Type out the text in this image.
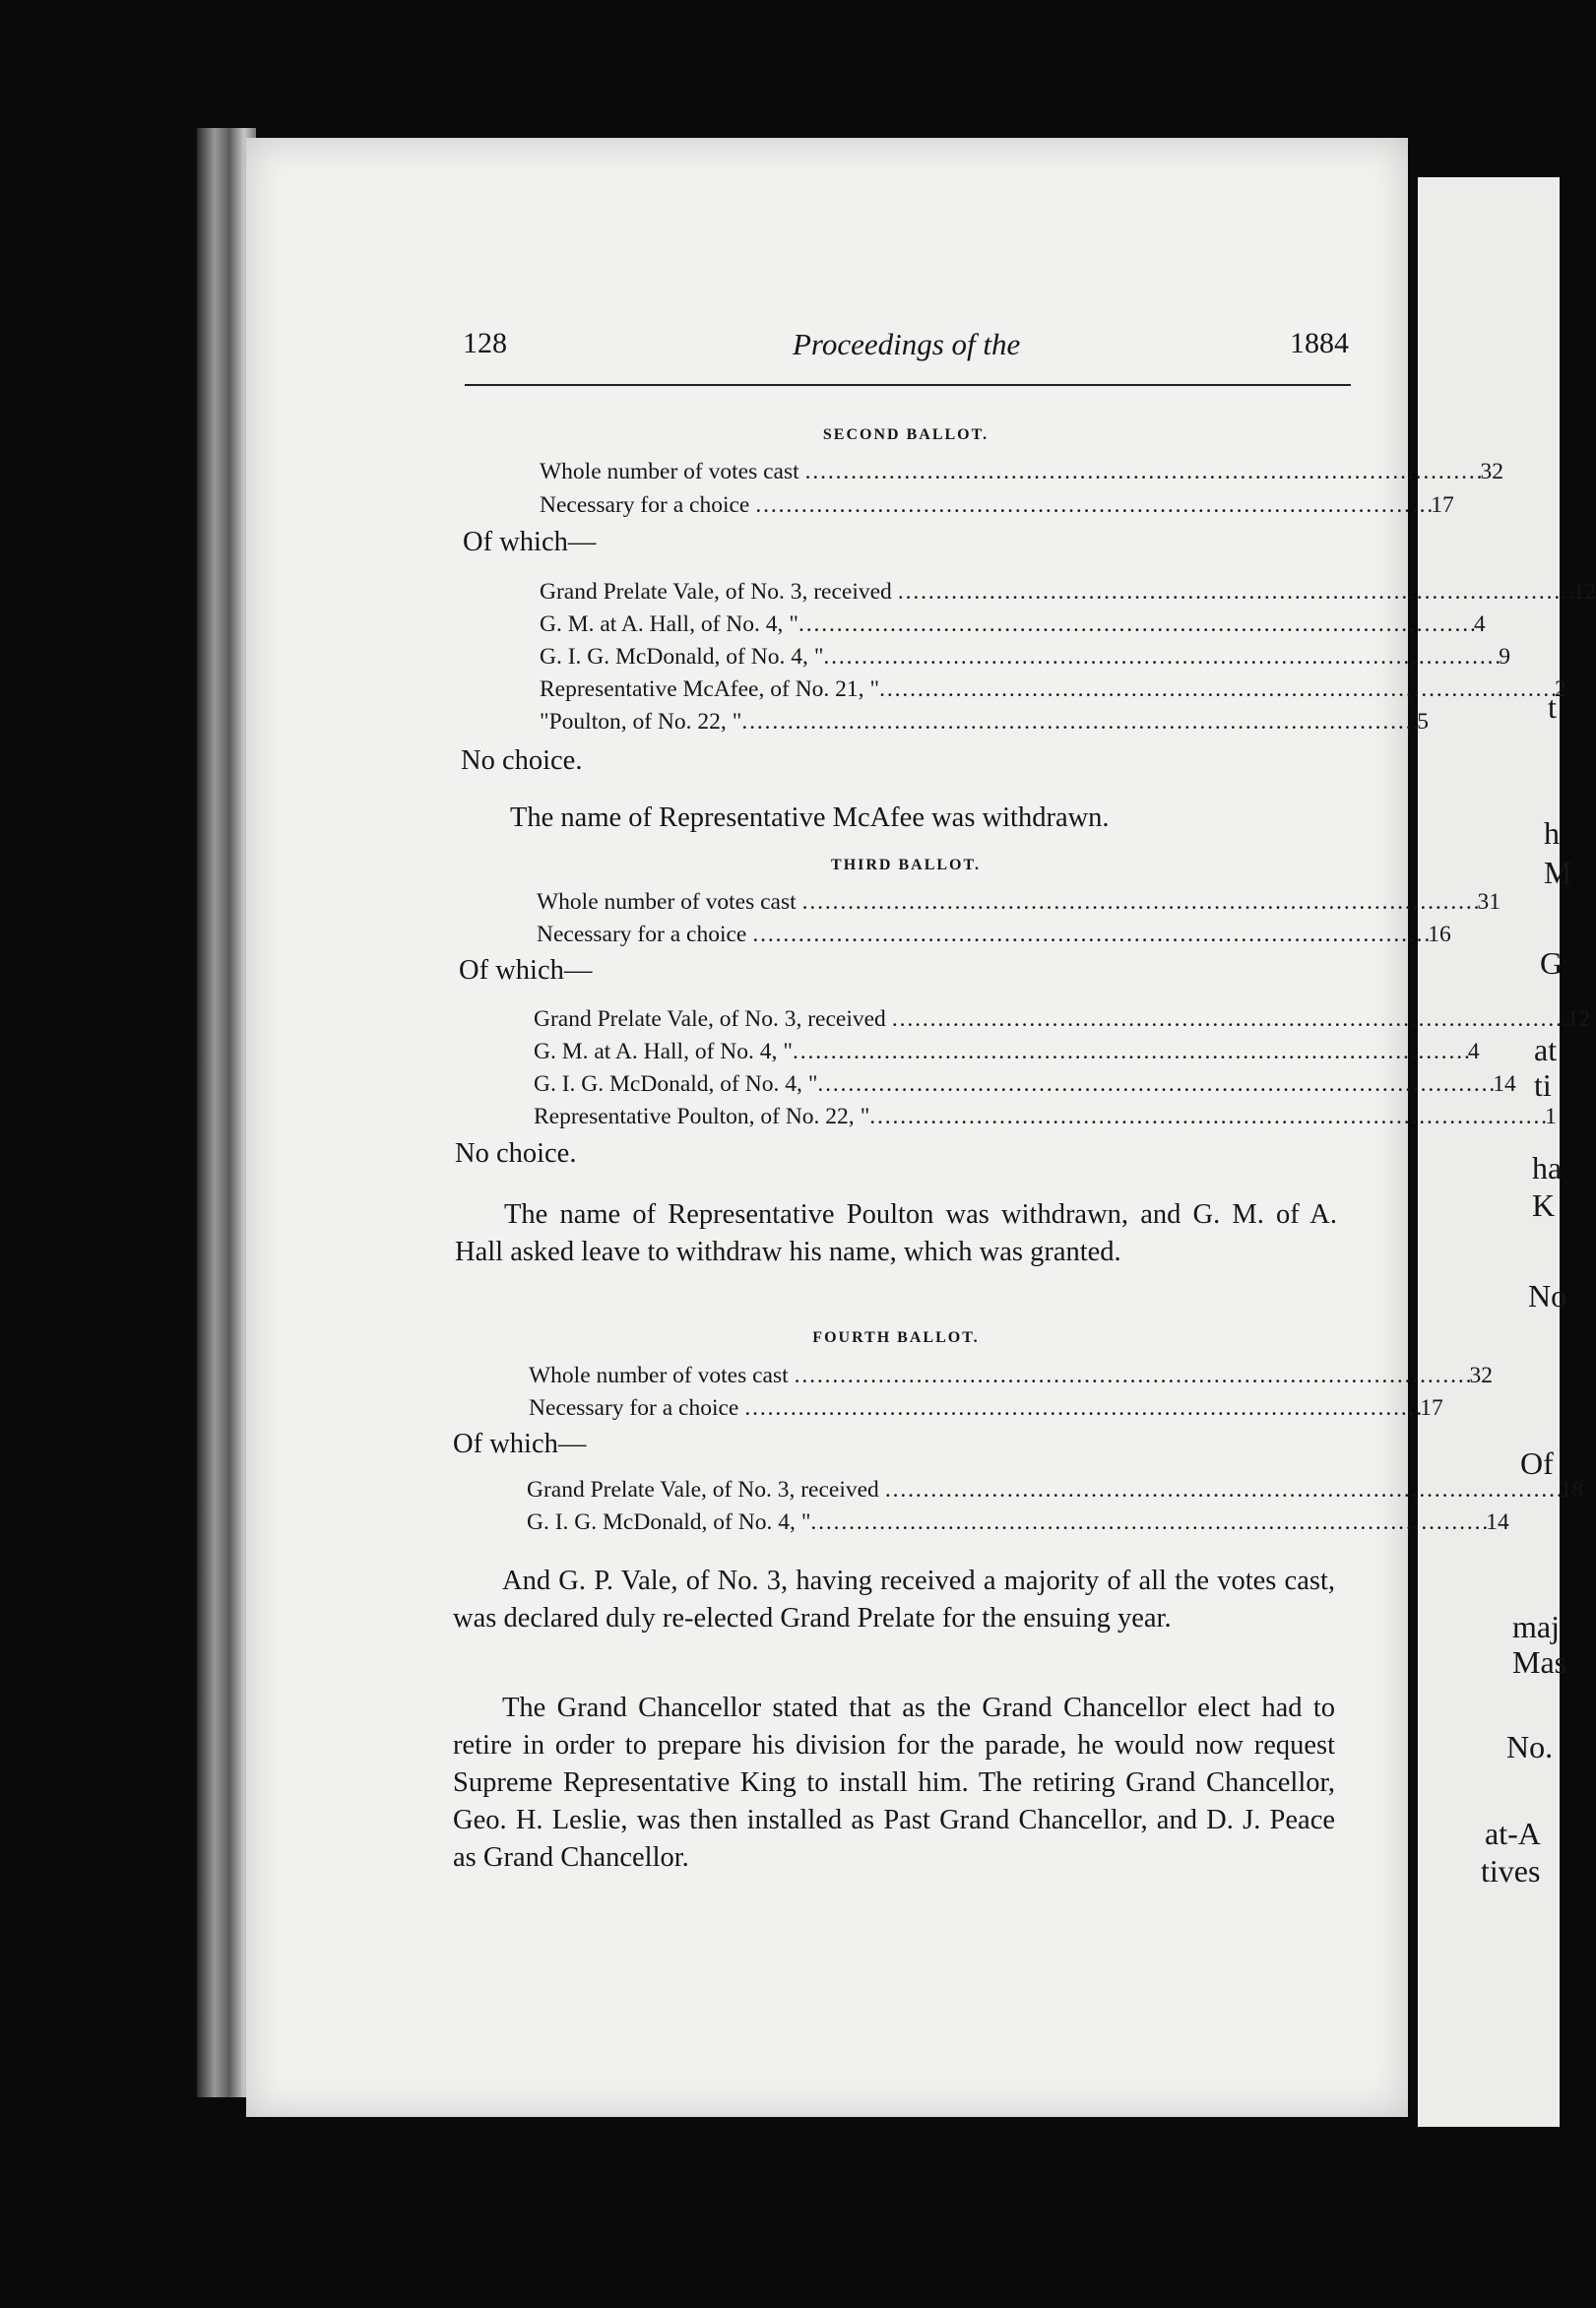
t
h
M
G
at
ti
ha
K
No
Of
maj
Mas
No.
at-A
tives
128	Proceedings of the	1884
SECOND BALLOT.
Whole number of votes cast . . .	32
Necessary for a choice . . .	17
Of which—
Grand Prelate Vale, of No. 3, received . . .	12
G. M. at A. Hall, of No. 4, " . . .	4
G. I. G. McDonald, of No. 4, " . . .	9
Representative McAfee, of No. 21, " . . .	2
" Poulton, of No. 22, " . . .	5
No choice.
The name of Representative McAfee was withdrawn.
THIRD BALLOT.
Whole number of votes cast . . .	31
Necessary for a choice . . .	16
Of which—
Grand Prelate Vale, of No. 3, received . . .	12
G. M. at A. Hall, of No. 4, " . . .	4
G. I. G. McDonald, of No. 4, " . . .	14
Representative Poulton, of No. 22, " . . .	1
No choice.
The name of Representative Poulton was withdrawn, and G. M. of A. Hall asked leave to withdraw his name, which was granted.
FOURTH BALLOT.
Whole number of votes cast . . .	32
Necessary for a choice . . .	17
Of which—
Grand Prelate Vale, of No. 3, received . . .	18
G. I. G. McDonald, of No. 4, " . . .	14
And G. P. Vale, of No. 3, having received a majority of all the votes cast, was declared duly re-elected Grand Prelate for the ensuing year.
The Grand Chancellor stated that as the Grand Chancellor elect had to retire in order to prepare his division for the parade, he would now request Supreme Representative King to install him. The retiring Grand Chancellor, Geo. H. Leslie, was then installed as Past Grand Chancellor, and D. J. Peace as Grand Chancellor.
